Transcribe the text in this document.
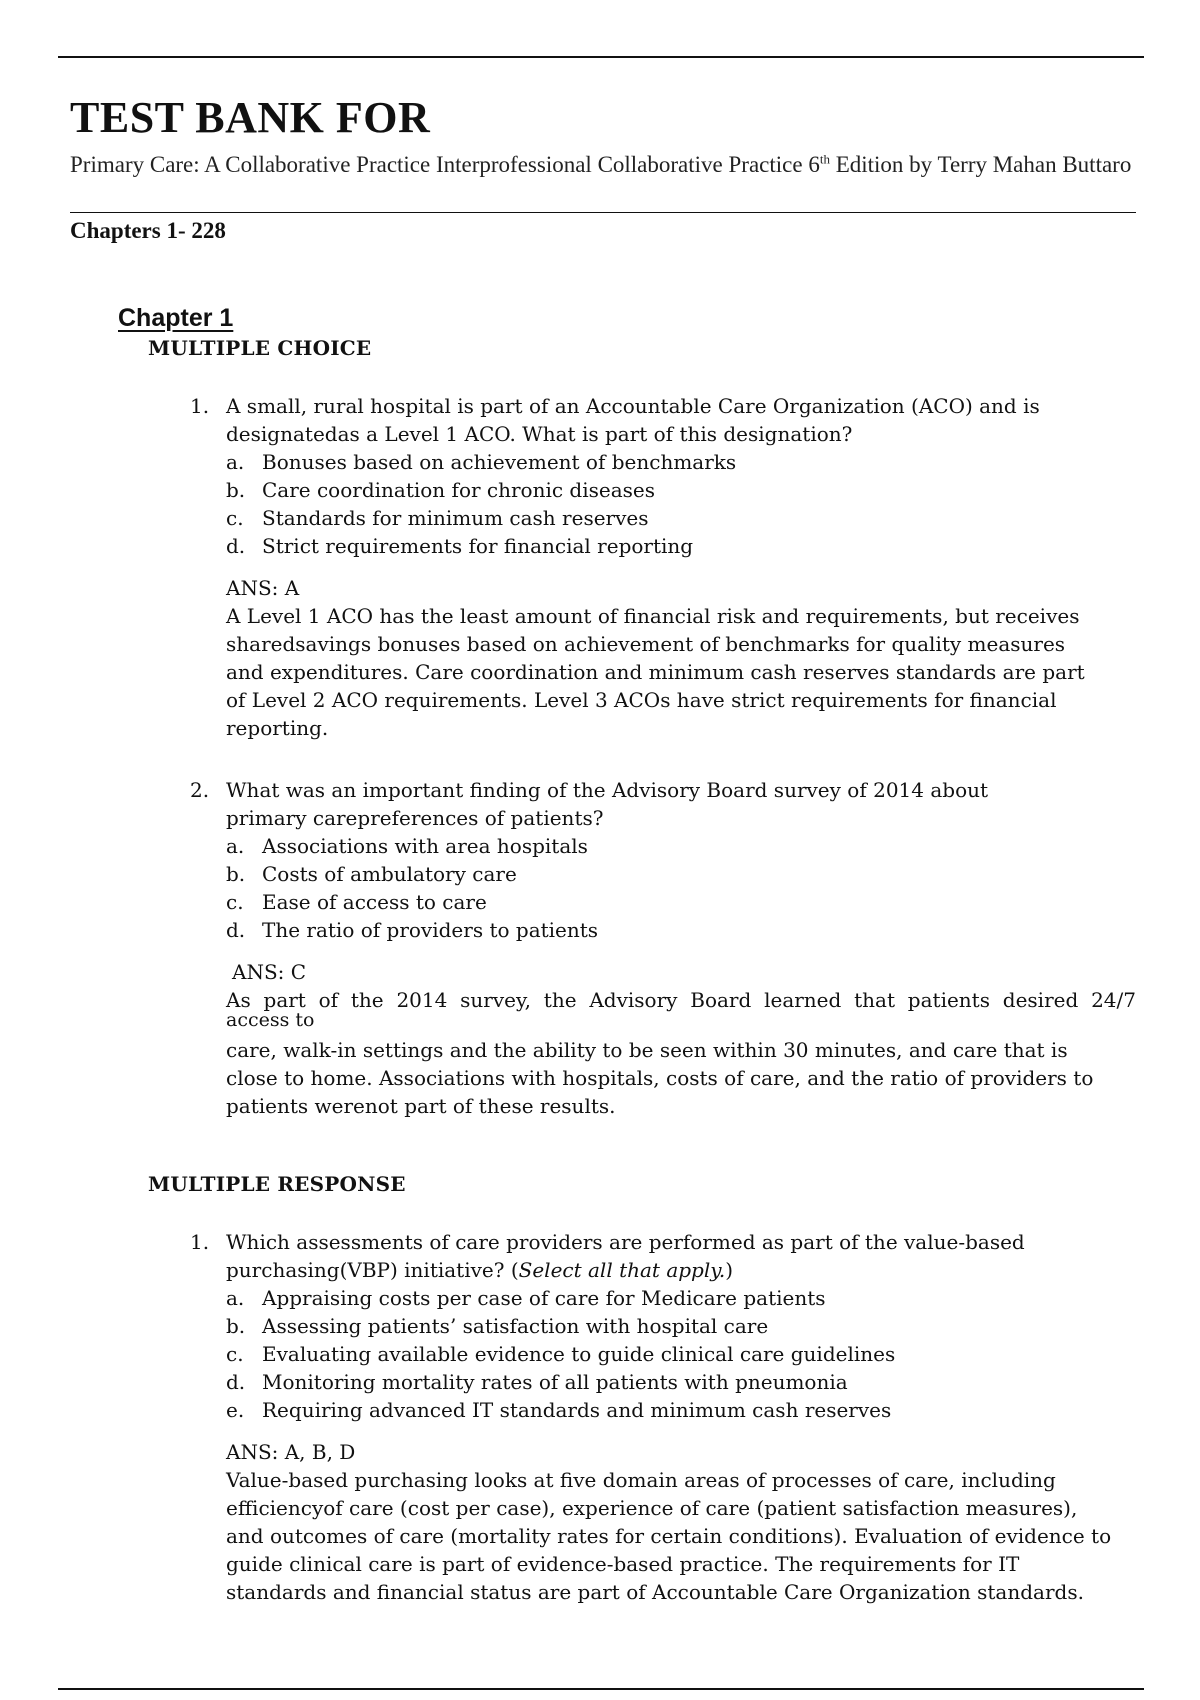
TEST BANK FOR

Primary Care: A Collaborative Practice Interprofessional Collaborative Practice 6th Edition by Terry Mahan Buttaro

Chapters 1- 228

Chapter 1
MULTIPLE CHOICE
1. A small, rural hospital is part of an Accountable Care Organization (ACO) and is
designatedas a Level 1 ACO. What is part of this designation?
a. Bonuses based on achievement of benchmarks
b. Care coordination for chronic diseases
c. Standards for minimum cash reserves
d. Strict requirements for financial reporting
ANS: A

A Level 1 ACO has the least amount of financial risk and requirements, but receives
sharedsavings bonuses based on achievement of benchmarks for quality measures
and expenditures. Care coordination and minimum cash reserves standards are part
of Level 2 ACO requirements. Level 3 ACOs have strict requirements for financial
reporting.

2. What was an important finding of the Advisory Board survey of 2014 about
primary carepreferences of patients?
a. Associations with area hospitals
b. Costs of ambulatory care
c. Ease of access to care
d. The ratio of providers to patients
ANS: C

As part of the 2014 survey, the Advisory Board learned that patients desired 24/7

access to

care, walk-in settings and the ability to be seen within 30 minutes, and care that is
close to home. Associations with hospitals, costs of care, and the ratio of providers to
patients werenot part of these results.

MULTIPLE RESPONSE
1. Which assessments of care providers are performed as part of the value-based
purchasing(VBP) initiative? (Select all that apply.)
a. Appraising costs per case of care for Medicare patients
b. Assessing patients’ satisfaction with hospital care
c. Evaluating available evidence to guide clinical care guidelines
d. Monitoring mortality rates of all patients with pneumonia
e. Requiring advanced IT standards and minimum cash reserves
ANS: A, B, D

Value-based purchasing looks at five domain areas of processes of care, including
efficiencyof care (cost per case), experience of care (patient satisfaction measures),
and outcomes of care (mortality rates for certain conditions). Evaluation of evidence to
guide clinical care is part of evidence-based practice. The requirements for IT
standards and financial status are part of Accountable Care Organization standards.
